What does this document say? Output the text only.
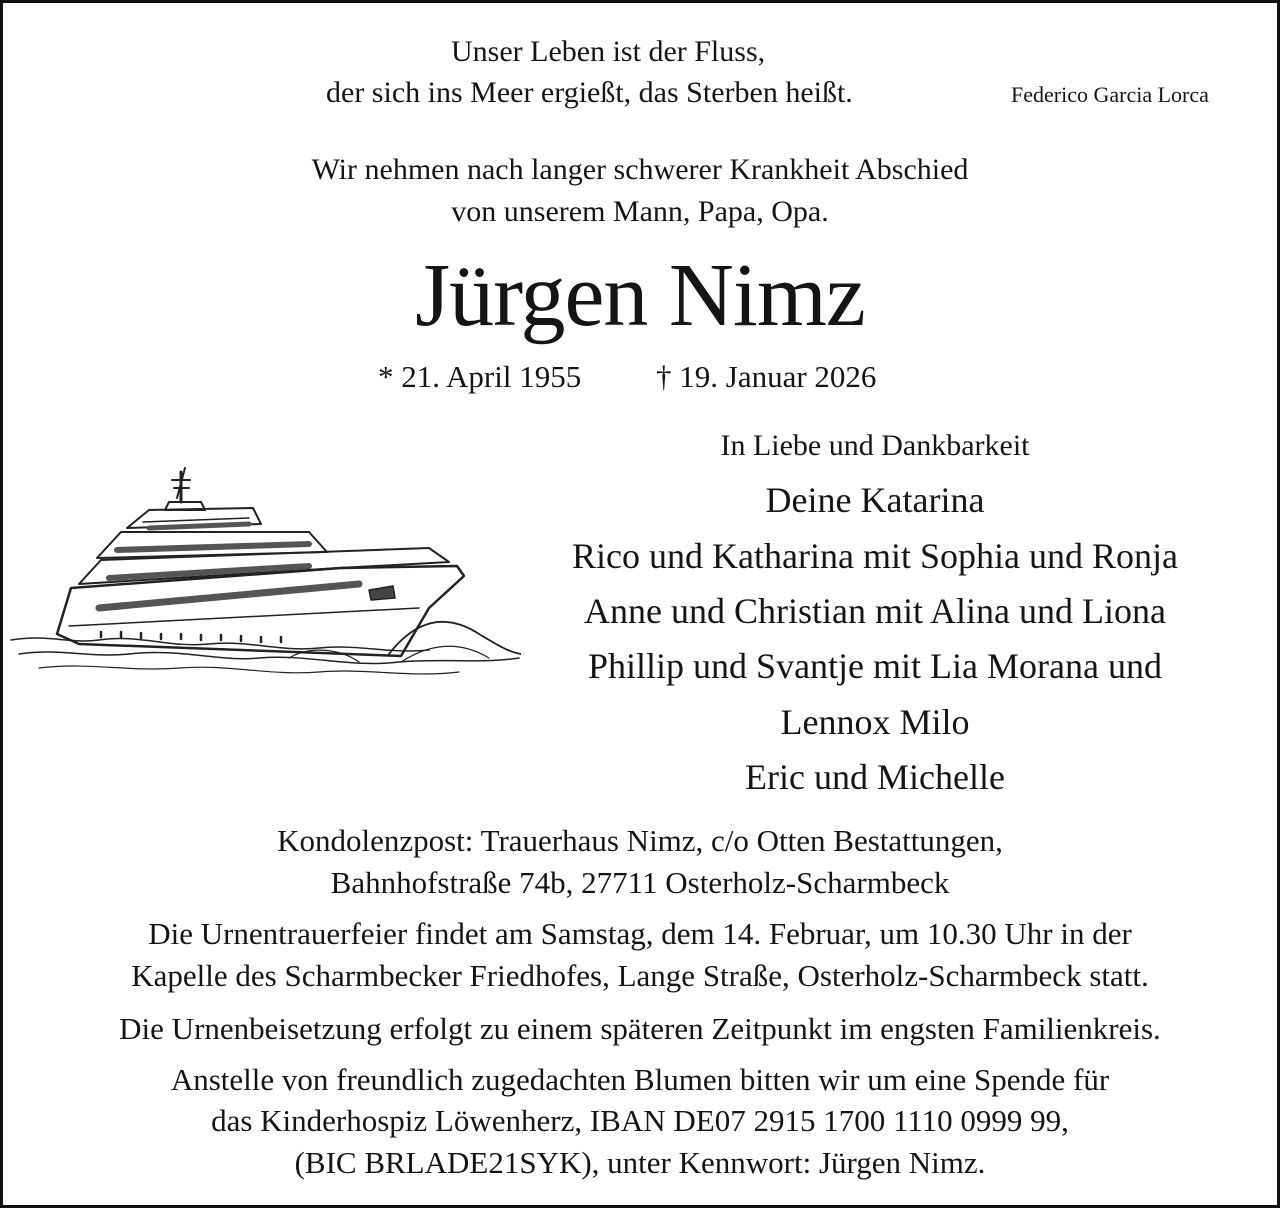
Unser Leben ist der Fluss,
der sich ins Meer ergießt, das Sterben heißt.	Federico Garcia Lorca
Wir nehmen nach langer schwerer Krankheit Abschied
von unserem Mann, Papa, Opa.
Jürgen Nimz
* 21. April 1955 † 19. Januar 2026
In Liebe und Dankbarkeit
Deine Katarina
Rico und Katharina mit Sophia und Ronja
Anne und Christian mit Alina und Liona
Phillip und Svantje mit Lia Morana und
Lennox Milo
Eric und Michelle
Kondolenzpost: Trauerhaus Nimz, c/o Otten Bestattungen,
Bahnhofstraße 74b, 27711 Osterholz-Scharmbeck
Die Urnentrauerfeier findet am Samstag, dem 14. Februar, um 10.30 Uhr in der
Kapelle des Scharmbecker Friedhofes, Lange Straße, Osterholz-Scharmbeck statt.
Die Urnenbeisetzung erfolgt zu einem späteren Zeitpunkt im engsten Familienkreis.
Anstelle von freundlich zugedachten Blumen bitten wir um eine Spende für
das Kinderhospiz Löwenherz, IBAN DE07 2915 1700 1110 0999 99,
(BIC BRLADE21SYK), unter Kennwort: Jürgen Nimz.
